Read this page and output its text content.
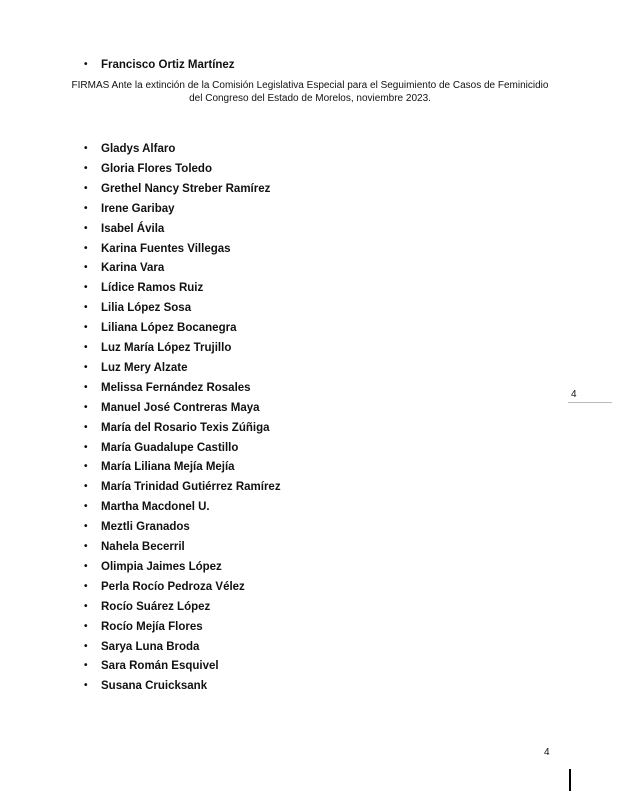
• Francisco Ortiz Martínez
FIRMAS Ante la extinción de la Comisión Legislativa Especial para el Seguimiento de Casos de Feminicidio
del Congreso del Estado de Morelos, noviembre 2023.
• Gladys Alfaro
• Gloria Flores Toledo
• Grethel Nancy Streber Ramírez
• Irene Garibay
• Isabel Ávila
• Karina Fuentes Villegas
• Karina Vara
• Lídice Ramos Ruiz
• Lilia López Sosa
• Liliana López Bocanegra
• Luz María López Trujillo
• Luz Mery Alzate
• Melissa Fernández Rosales
• Manuel José Contreras Maya
• María del Rosario Texis Zúñiga
• María Guadalupe Castillo
• María Liliana Mejía Mejía
• María Trinidad Gutiérrez Ramírez
• Martha Macdonel U.
• Meztli Granados
• Nahela Becerril
• Olimpia Jaimes López
• Perla Rocío Pedroza Vélez
• Rocío Suárez López
• Rocío Mejía Flores
• Sarya Luna Broda
• Sara Román Esquivel
• Susana Cruicksank
4
4
